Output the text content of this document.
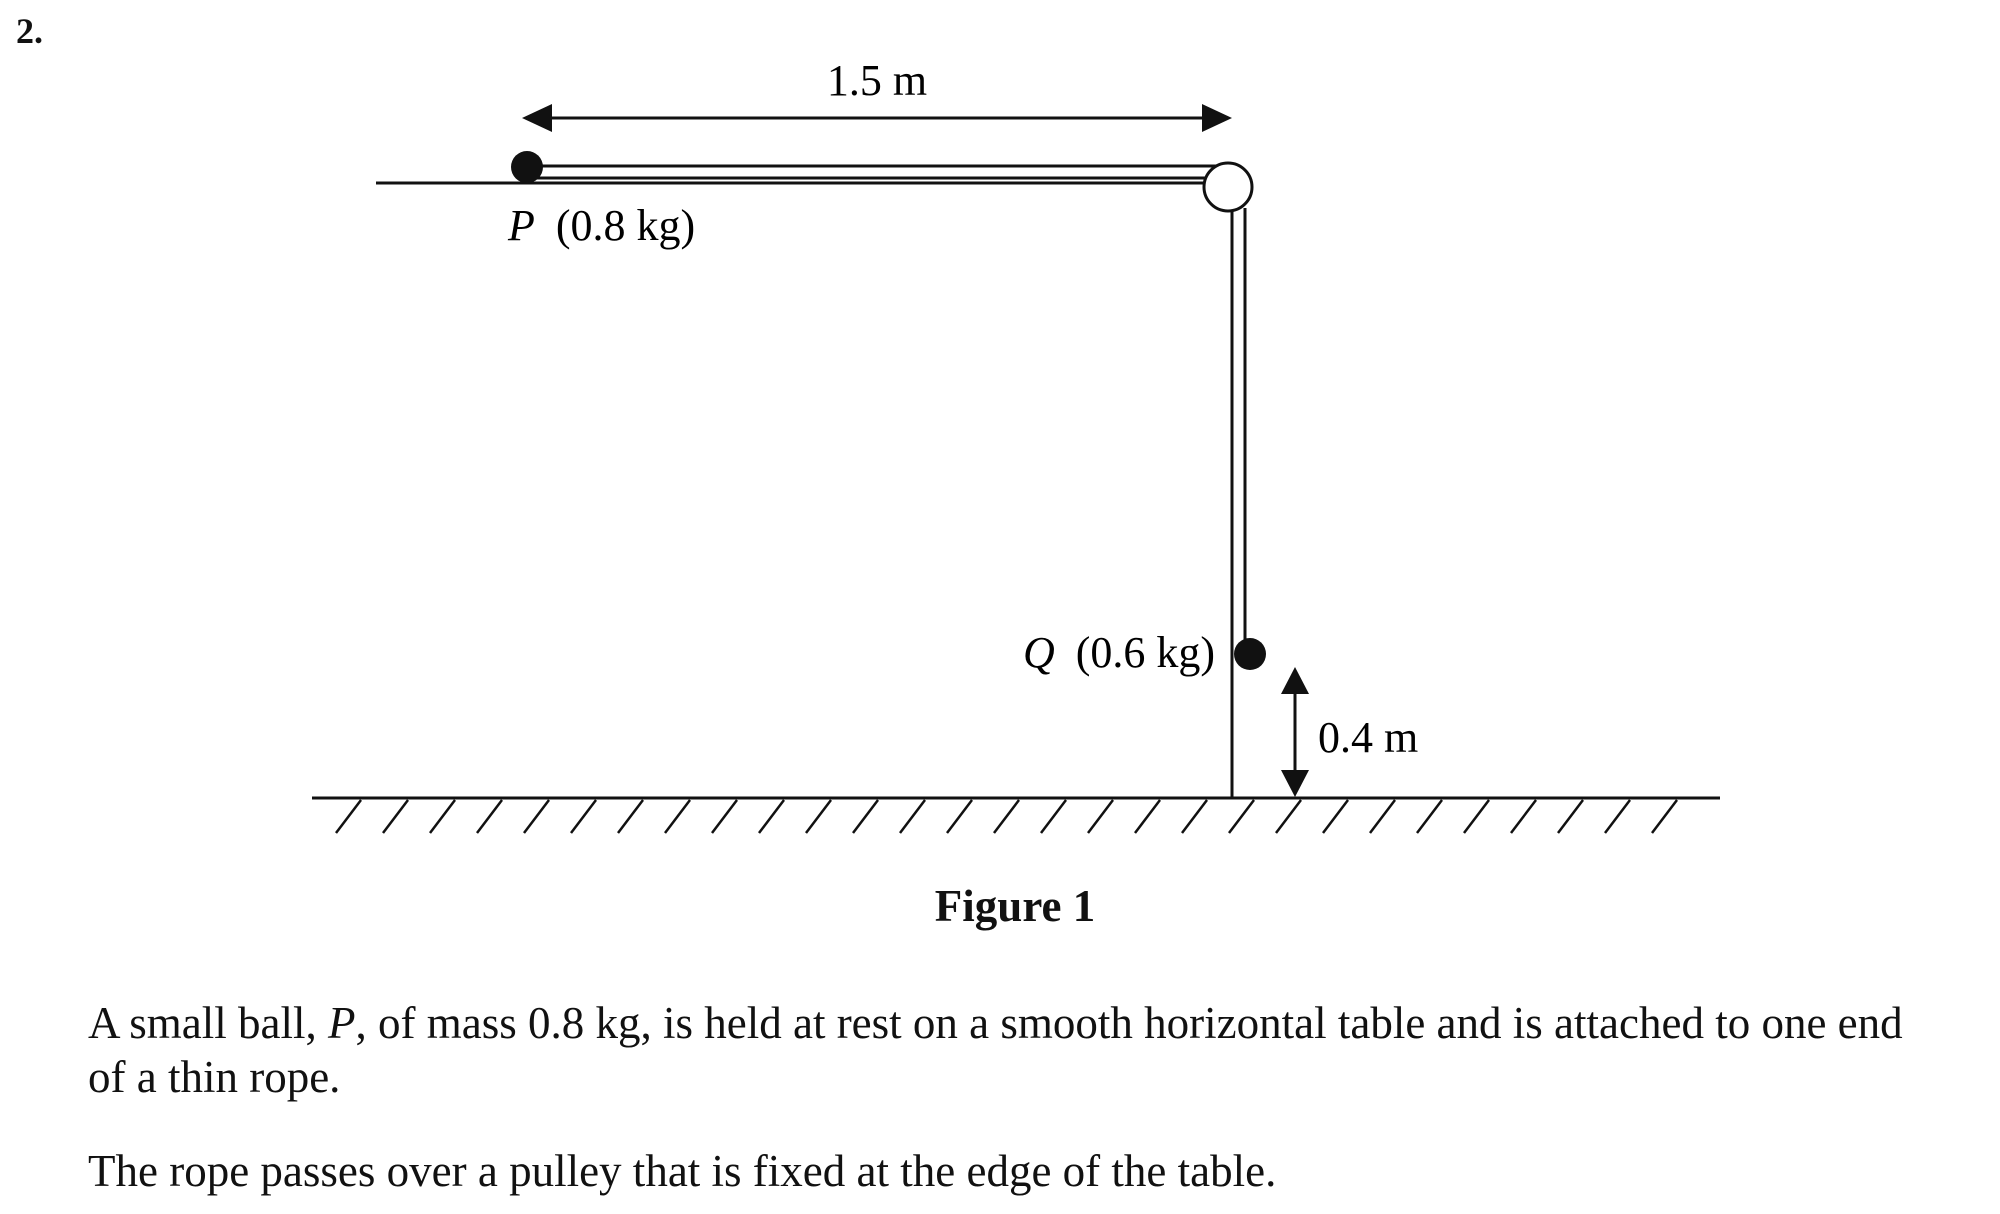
2.
1.5 m
0.4 m
P (0.8 kg)
Q (0.6 kg)
Figure 1

A small ball, P, of mass 0.8 kg, is held at rest on a smooth horizontal table and is attached to one end of a thin rope.

The rope passes over a pulley that is fixed at the edge of the table.
